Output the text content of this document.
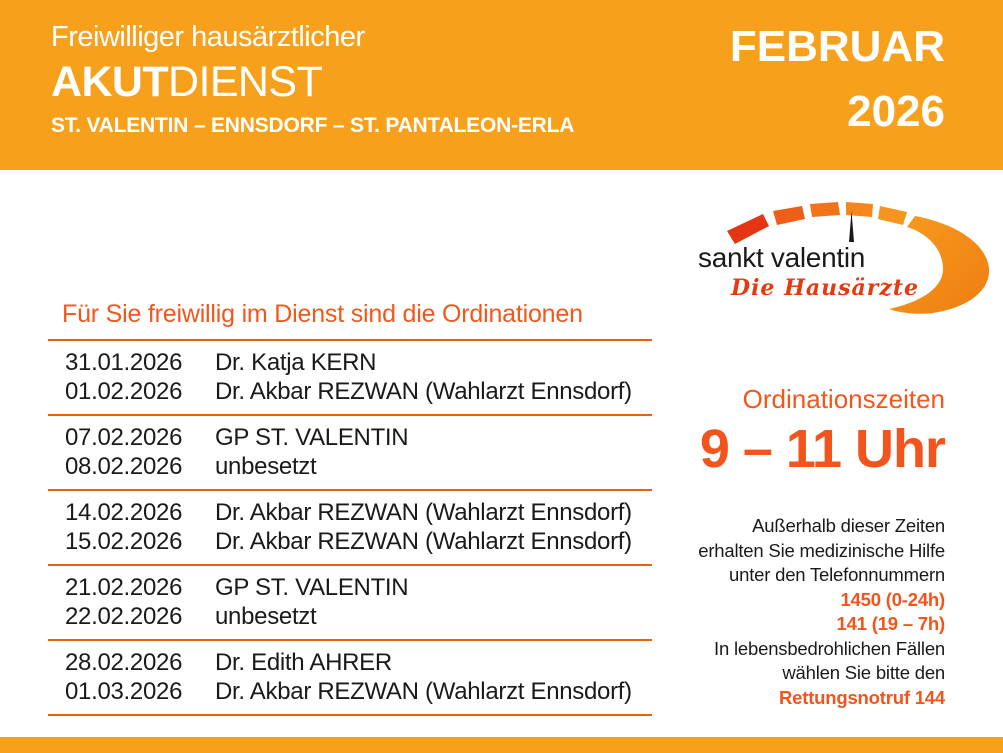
Freiwilliger hausärztlicher
AKUTDIENST
ST. VALENTIN – ENNSDORF – ST. PANTALEON-ERLA
FEBRUAR
2026
sankt valentin
Die Hausärzte
Für Sie freiwillig im Dienst sind die Ordinationen
31.01.2026	Dr. Katja KERN
01.02.2026	Dr. Akbar REZWAN (Wahlarzt Ennsdorf)
07.02.2026	GP ST. VALENTIN
08.02.2026	unbesetzt
14.02.2026	Dr. Akbar REZWAN (Wahlarzt Ennsdorf)
15.02.2026	Dr. Akbar REZWAN (Wahlarzt Ennsdorf)
21.02.2026	GP ST. VALENTIN
22.02.2026	unbesetzt
28.02.2026	Dr. Edith AHRER
01.03.2026	Dr. Akbar REZWAN (Wahlarzt Ennsdorf)
Ordinationszeiten
9 – 11 Uhr
Außerhalb dieser Zeiten
erhalten Sie medizinische Hilfe
unter den Telefonnummern
1450 (0-24h)
141 (19 – 7h)
In lebensbedrohlichen Fällen
wählen Sie bitte den
Rettungsnotruf 144
